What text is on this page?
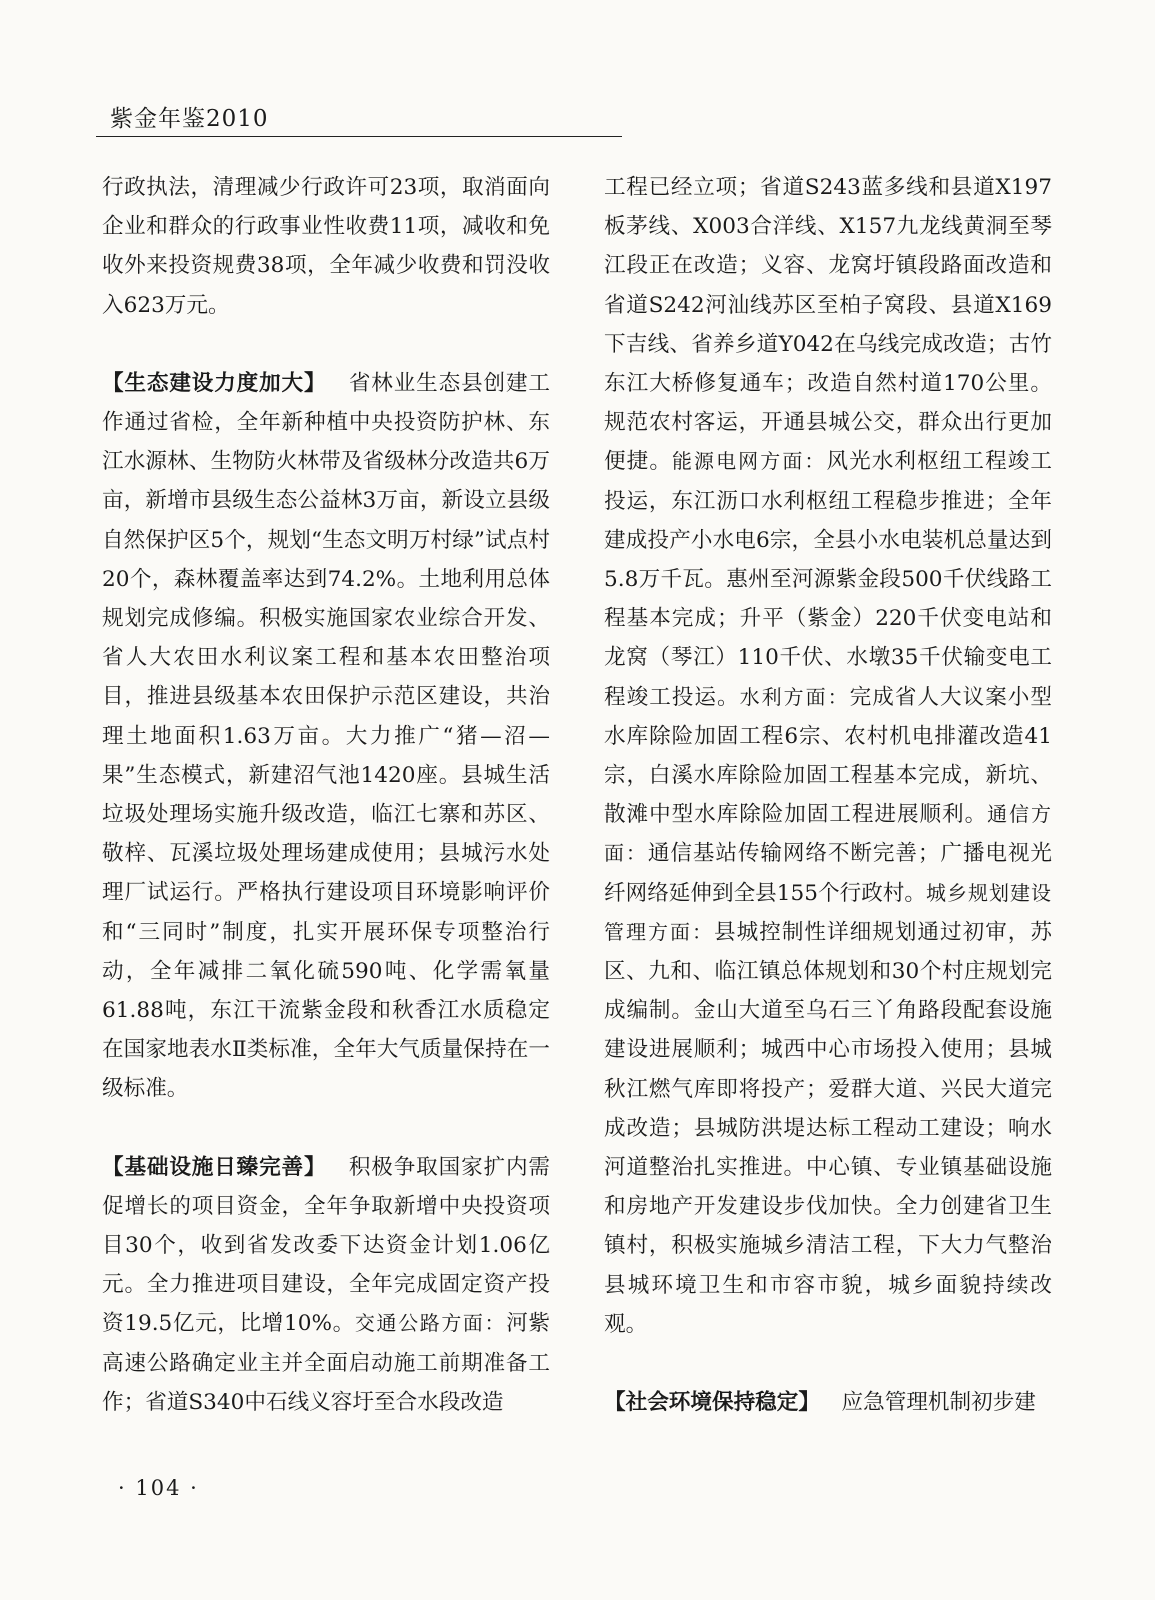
紫金年鉴2010

行政执法，清理减少行政许可23项，取消面向企业和群众的行政事业性收费11项，减收和免收外来投资规费38项，全年减少收费和罚没收入623万元。

【生态建设力度加大】  省林业生态县创建工作通过省检，全年新种植中央投资防护林、东江水源林、生物防火林带及省级林分改造共6万亩，新增市县级生态公益林3万亩，新设立县级自然保护区5个，规划“生态文明万村绿”试点村20个，森林覆盖率达到74.2%。土地利用总体规划完成修编。积极实施国家农业综合开发、省人大农田水利议案工程和基本农田整治项目，推进县级基本农田保护示范区建设，共治理土地面积1.63万亩。大力推广“猪—沼—果”生态模式，新建沼气池1420座。县城生活垃圾处理场实施升级改造，临江七寨和苏区、敬梓、瓦溪垃圾处理场建成使用；县城污水处理厂试运行。严格执行建设项目环境影响评价和“三同时”制度，扎实开展环保专项整治行动，全年减排二氧化硫590吨、化学需氧量61.88吨，东江干流紫金段和秋香江水质稳定在国家地表水Ⅱ类标准，全年大气质量保持在一级标准。

【基础设施日臻完善】  积极争取国家扩内需促增长的项目资金，全年争取新增中央投资项目30个，收到省发改委下达资金计划1.06亿元。全力推进项目建设，全年完成固定资产投资19.5亿元，比增10%。交通公路方面：河紫高速公路确定业主并全面启动施工前期准备工作；省道S340中石线义容圩至合水段改造

工程已经立项；省道S243蓝多线和县道X197板茅线、X003合洋线、X157九龙线黄洞至琴江段正在改造；义容、龙窝圩镇段路面改造和省道S242河汕线苏区至柏子窝段、县道X169下吉线、省养乡道Y042在乌线完成改造；古竹东江大桥修复通车；改造自然村道170公里。规范农村客运，开通县城公交，群众出行更加便捷。能源电网方面：风光水利枢纽工程竣工投运，东江沥口水利枢纽工程稳步推进；全年建成投产小水电6宗，全县小水电装机总量达到5.8万千瓦。惠州至河源紫金段500千伏线路工程基本完成；升平（紫金）220千伏变电站和龙窝（琴江）110千伏、水墩35千伏输变电工程竣工投运。水利方面：完成省人大议案小型水库除险加固工程6宗、农村机电排灌改造41宗，白溪水库除险加固工程基本完成，新坑、散滩中型水库除险加固工程进展顺利。通信方面：通信基站传输网络不断完善；广播电视光纤网络延伸到全县155个行政村。城乡规划建设管理方面：县城控制性详细规划通过初审，苏区、九和、临江镇总体规划和30个村庄规划完成编制。金山大道至乌石三丫角路段配套设施建设进展顺利；城西中心市场投入使用；县城秋江燃气库即将投产；爱群大道、兴民大道完成改造；县城防洪堤达标工程动工建设；响水河道整治扎实推进。中心镇、专业镇基础设施和房地产开发建设步伐加快。全力创建省卫生镇村，积极实施城乡清洁工程，下大力气整治县城环境卫生和市容市貌，城乡面貌持续改观。

【社会环境保持稳定】  应急管理机制初步建

· 104 ·
